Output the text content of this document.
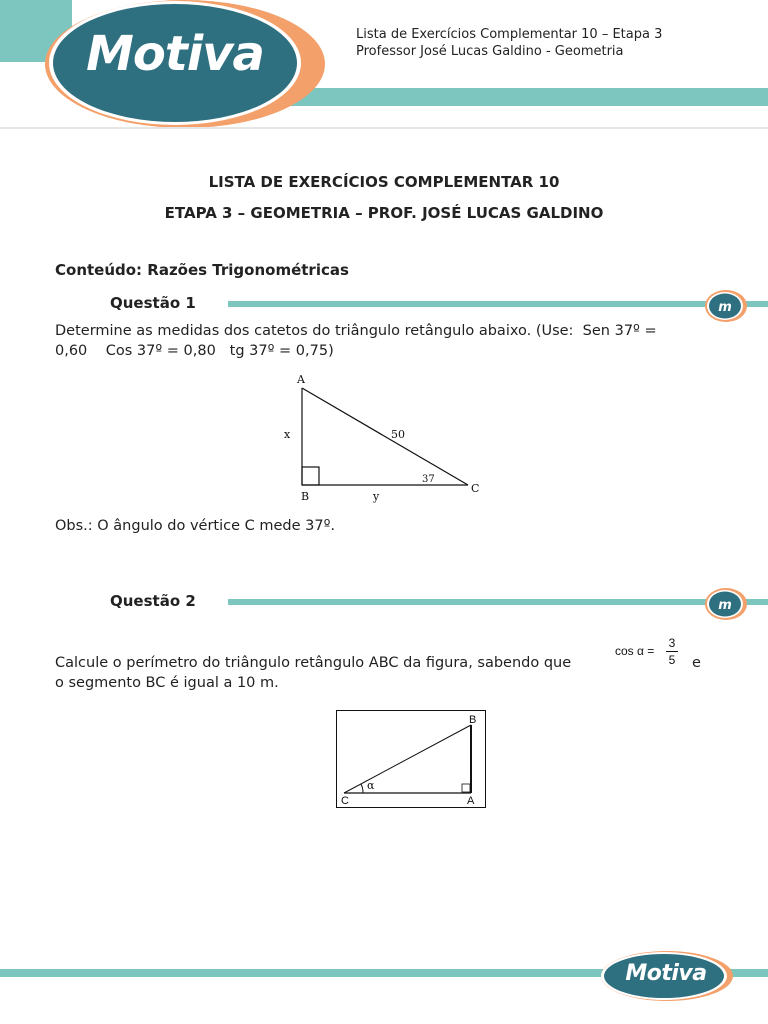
Motiva	Lista de Exercícios Complementar 10 – Etapa 3
Professor José Lucas Galdino - Geometria
LISTA DE EXERCÍCIOS COMPLEMENTAR 10
ETAPA 3 – GEOMETRIA – PROF. JOSÉ LUCAS GALDINO
Conteúdo: Razões Trigonométricas
Questão 1	m
Determine as medidas dos catetos do triângulo retângulo abaixo. (Use:  Sen 37º =
0,60    Cos 37º = 0,80   tg 37º = 0,75)
A
x	50
37
C
B	y
Obs.: O ângulo do vértice C mede 37º.
Questão 2	m
Calcule o perímetro do triângulo retângulo ABC da figura, sabendo que
cos α =
3
5 e
o segmento BC é igual a 10 m.
B
C	A
α
Motiva
